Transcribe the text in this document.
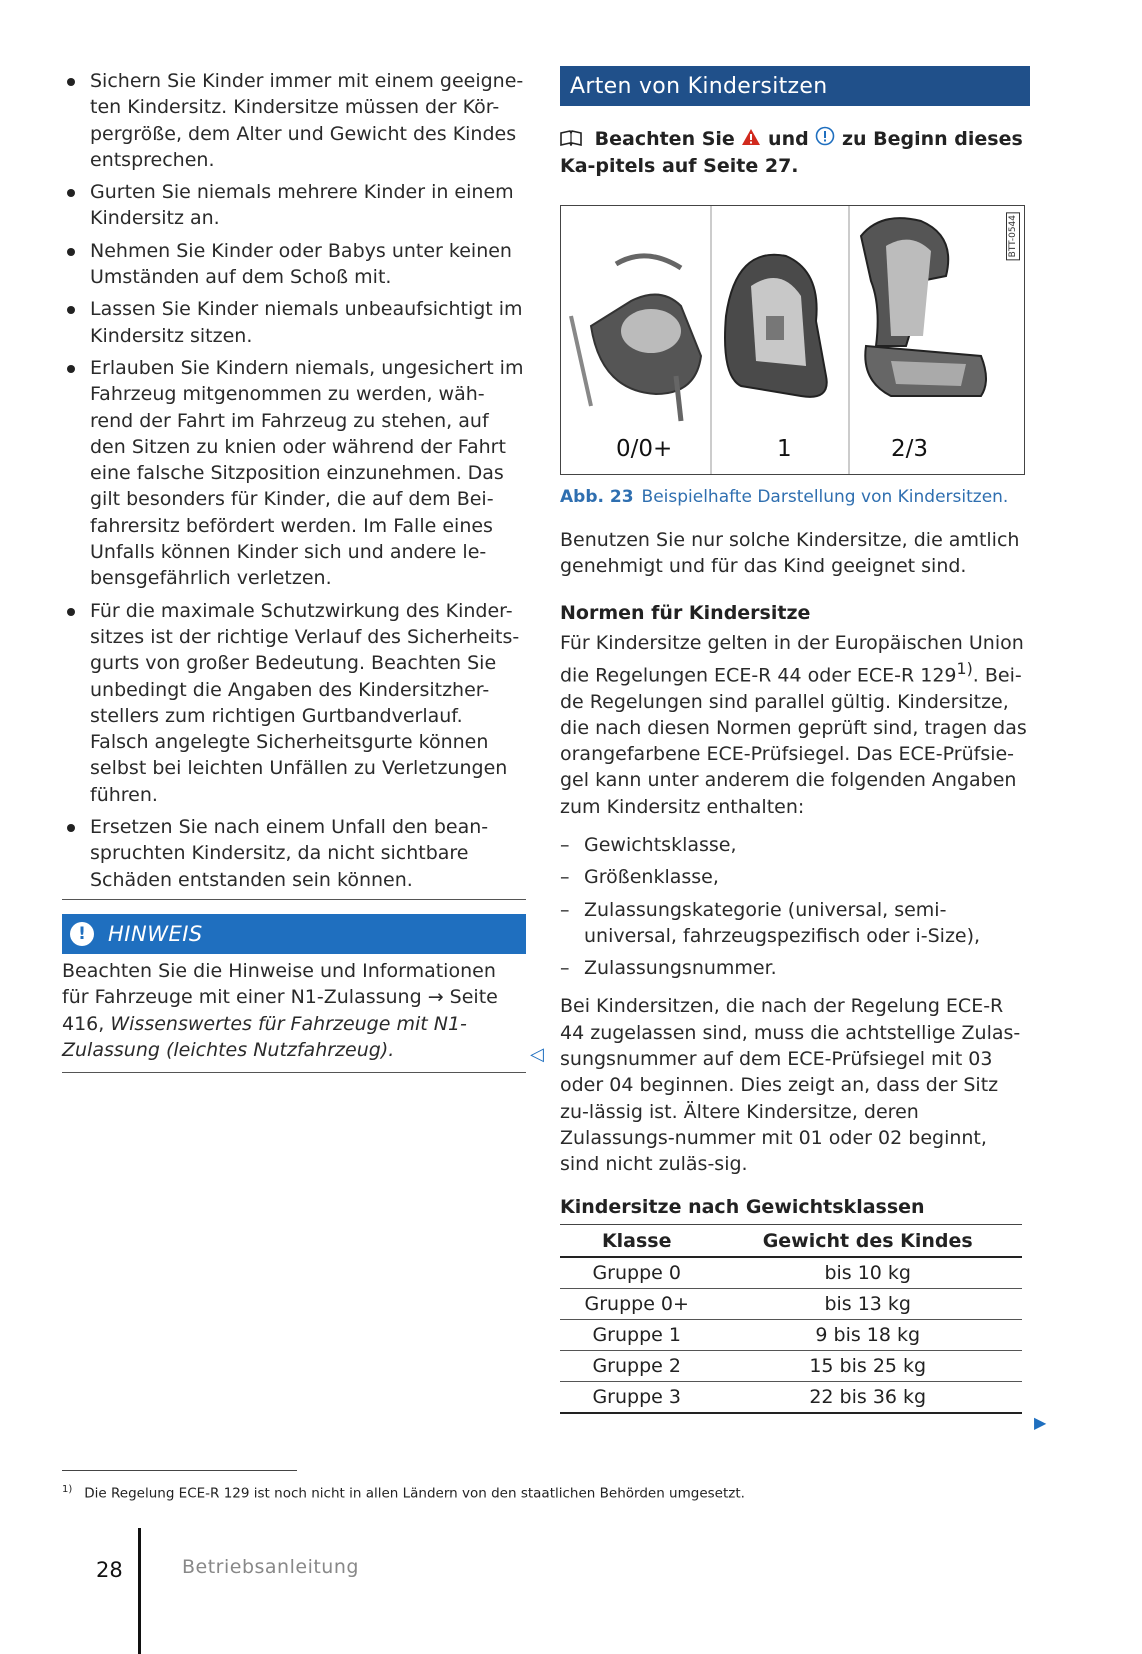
Sichern Sie Kinder immer mit einem geeigne-ten Kindersitz. Kindersitze müssen der Kör-pergröße, dem Alter und Gewicht des Kindes entsprechen.
Gurten Sie niemals mehrere Kinder in einem Kindersitz an.
Nehmen Sie Kinder oder Babys unter keinen Umständen auf dem Schoß mit.
Lassen Sie Kinder niemals unbeaufsichtigt im Kindersitz sitzen.
Erlauben Sie Kindern niemals, ungesichert im Fahrzeug mitgenommen zu werden, wäh-rend der Fahrt im Fahrzeug zu stehen, auf den Sitzen zu knien oder während der Fahrt eine falsche Sitzposition einzunehmen. Das gilt besonders für Kinder, die auf dem Bei-fahrersitz befördert werden. Im Falle eines Unfalls können Kinder sich und andere le-bensgefährlich verletzen.
Für die maximale Schutzwirkung des Kinder-sitzes ist der richtige Verlauf des Sicherheits-gurts von großer Bedeutung. Beachten Sie unbedingt die Angaben des Kindersitzher-stellers zum richtigen Gurtbandverlauf. Falsch angelegte Sicherheitsgurte können selbst bei leichten Unfällen zu Verletzungen führen.
Ersetzen Sie nach einem Unfall den bean-spruchten Kindersitz, da nicht sichtbare Schäden entstanden sein können.
!	HINWEIS
Beachten Sie die Hinweise und Informationen für Fahrzeuge mit einer N1-Zulassung → Seite 416, Wissenswertes für Fahrzeuge mit N1-Zulassung (leichtes Nutzfahrzeug).	◁
Arten von Kindersitzen
Beachten Sie und zu Beginn dieses Ka-pitels auf Seite 27.
BTT-0544
0/0+	1	2/3
Abb. 23 Beispielhafte Darstellung von Kindersitzen.
Benutzen Sie nur solche Kindersitze, die amtlich genehmigt und für das Kind geeignet sind.
Normen für Kindersitze
Für Kindersitze gelten in der Europäischen Union die Regelungen ECE-R 44 oder ECE-R 129$^{1)}$. Bei-de Regelungen sind parallel gültig. Kindersitze, die nach diesen Normen geprüft sind, tragen das orangefarbene ECE-Prüfsiegel. Das ECE-Prüfsie-gel kann unter anderem die folgenden Angaben zum Kindersitz enthalten:
– Gewichtsklasse,
– Größenklasse,
– Zulassungskategorie (universal, semi-universal, fahrzeugspezifisch oder i-Size),
– Zulassungsnummer.
Bei Kindersitzen, die nach der Regelung ECE-R 44 zugelassen sind, muss die achtstellige Zulas-sungsnummer auf dem ECE-Prüfsiegel mit 03 oder 04 beginnen. Dies zeigt an, dass der Sitz zu-lässig ist. Ältere Kindersitze, deren Zulassungs-nummer mit 01 oder 02 beginnt, sind nicht zuläs-sig.
Kindersitze nach Gewichtsklassen
Klasse	Gewicht des Kindes
Gruppe 0	bis 10 kg
Gruppe 0+	bis 13 kg
Gruppe 1	9 bis 18 kg
Gruppe 2	15 bis 25 kg
Gruppe 3	22 bis 36 kg
▶
$^{1)}$ Die Regelung ECE-R 129 ist noch nicht in allen Ländern von den staatlichen Behörden umgesetzt.
28	Betriebsanleitung
